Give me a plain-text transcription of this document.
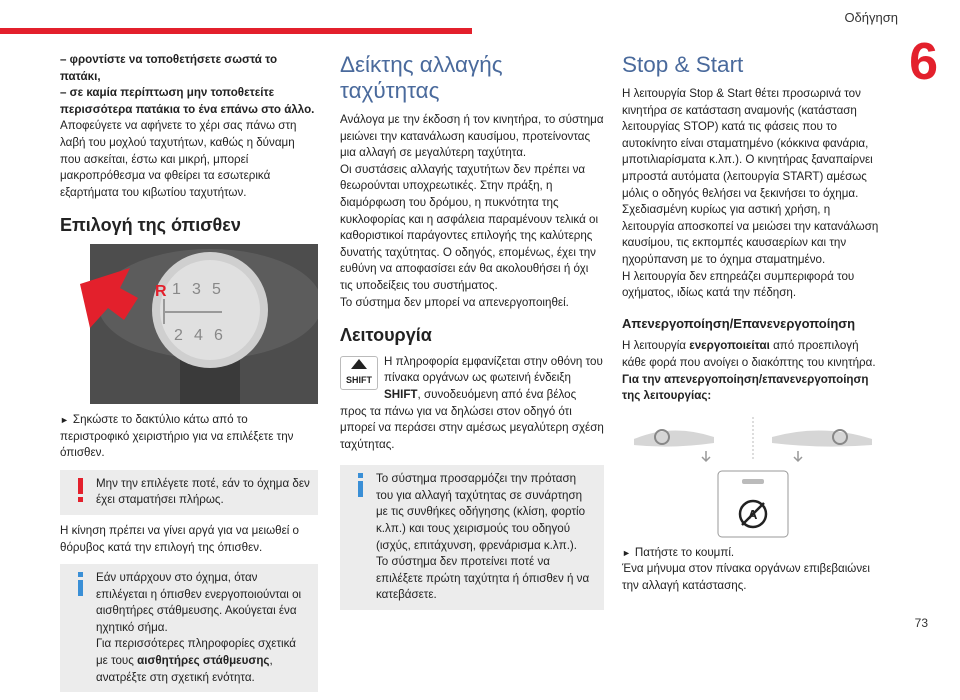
Οδήγηση
6
73

– φροντίστε να τοποθετήσετε σωστά το πατάκι,

– σε καμία περίπτωση μην τοποθετείτε περισσότερα πατάκια το ένα επάνω στο άλλο.

Αποφεύγετε να αφήνετε το χέρι σας πάνω στη λαβή του μοχλού ταχυτήτων, καθώς η δύναμη που ασκείται, έστω και μικρή, μπορεί μακροπρόθεσμα να φθείρει τα εσωτερικά εξαρτήματα του κιβωτίου ταχυτήτων.

Επιλογή της όπισθεν
R 1 3 5
2 4 6

► Σηκώστε το δακτύλιο κάτω από το περιστροφικό χειριστήριο για να επιλέξετε την όπισθεν.

Μην την επιλέγετε ποτέ, εάν το όχημα δεν έχει σταματήσει πλήρως.

Η κίνηση πρέπει να γίνει αργά για να μειωθεί ο θόρυβος κατά την επιλογή της όπισθεν.

Εάν υπάρχουν στο όχημα, όταν επιλέγεται η όπισθεν ενεργοποιούνται οι αισθητήρες στάθμευσης. Ακούγεται ένα ηχητικό σήμα.

Για περισσότερες πληροφορίες σχετικά με τους αισθητήρες στάθμευσης, ανατρέξτε στη σχετική ενότητα.

Δείκτης αλλαγής ταχύτητας

Ανάλογα με την έκδοση ή τον κινητήρα, το σύστημα μειώνει την κατανάλωση καυσίμου, προτείνοντας μια αλλαγή σε μεγαλύτερη ταχύτητα.

Οι συστάσεις αλλαγής ταχυτήτων δεν πρέπει να θεωρούνται υποχρεωτικές. Στην πράξη, η διαμόρφωση του δρόμου, η πυκνότητα της κυκλοφορίας και η ασφάλεια παραμένουν τελικά οι καθοριστικοί παράγοντες επιλογής της καλύτερης δυνατής ταχύτητας. Ο οδηγός, επομένως, έχει την ευθύνη να αποφασίσει εάν θα ακολουθήσει ή όχι τις υποδείξεις του συστήματος.

Το σύστημα δεν μπορεί να απενεργοποιηθεί.

Λειτουργία

SHIFT
Η πληροφορία εμφανίζεται στην οθόνη του πίνακα οργάνων ως φωτεινή ένδειξη SHIFT, συνοδευόμενη από ένα βέλος προς τα πάνω για να δηλώσει στον οδηγό ότι μπορεί να περάσει στην αμέσως μεγαλύτερη σχέση ταχύτητας.

Το σύστημα προσαρμόζει την πρόταση του για αλλαγή ταχύτητας σε συνάρτηση με τις συνθήκες οδήγησης (κλίση, φορτίο κ.λπ.) και τους χειρισμούς του οδηγού (ισχύς, επιτάχυνση, φρενάρισμα κ.λπ.).

Το σύστημα δεν προτείνει ποτέ να επιλέξετε πρώτη ταχύτητα ή όπισθεν ή να κατεβάσετε.

Stop & Start

Η λειτουργία Stop & Start θέτει προσωρινά τον κινητήρα σε κατάσταση αναμονής (κατάσταση λειτουργίας STOP) κατά τις φάσεις που το αυτοκίνητο είναι σταματημένο (κόκκινα φανάρια, μποτιλιαρίσματα κ.λπ.). Ο κινητήρας ξαναπαίρνει μπροστά αυτόματα (λειτουργία START) αμέσως μόλις ο οδηγός θελήσει να ξεκινήσει το όχημα.

Σχεδιασμένη κυρίως για αστική χρήση, η λειτουργία αποσκοπεί να μειώσει την κατανάλωση καυσίμου, τις εκπομπές καυσαερίων και την ηχορύπανση με το όχημα σταματημένο.

Η λειτουργία δεν επηρεάζει συμπεριφορά του οχήματος, ιδίως κατά την πέδηση.

Απενεργοποίηση/Επανενεργοποίηση

Η λειτουργία ενεργοποιείται από προεπιλογή κάθε φορά που ανοίγει ο διακόπτης του κινητήρα.

Για την απενεργοποίηση/επανενεργοποίηση της λειτουργίας:

A

► Πατήστε το κουμπί.

Ένα μήνυμα στον πίνακα οργάνων επιβεβαιώνει την αλλαγή κατάστασης.
